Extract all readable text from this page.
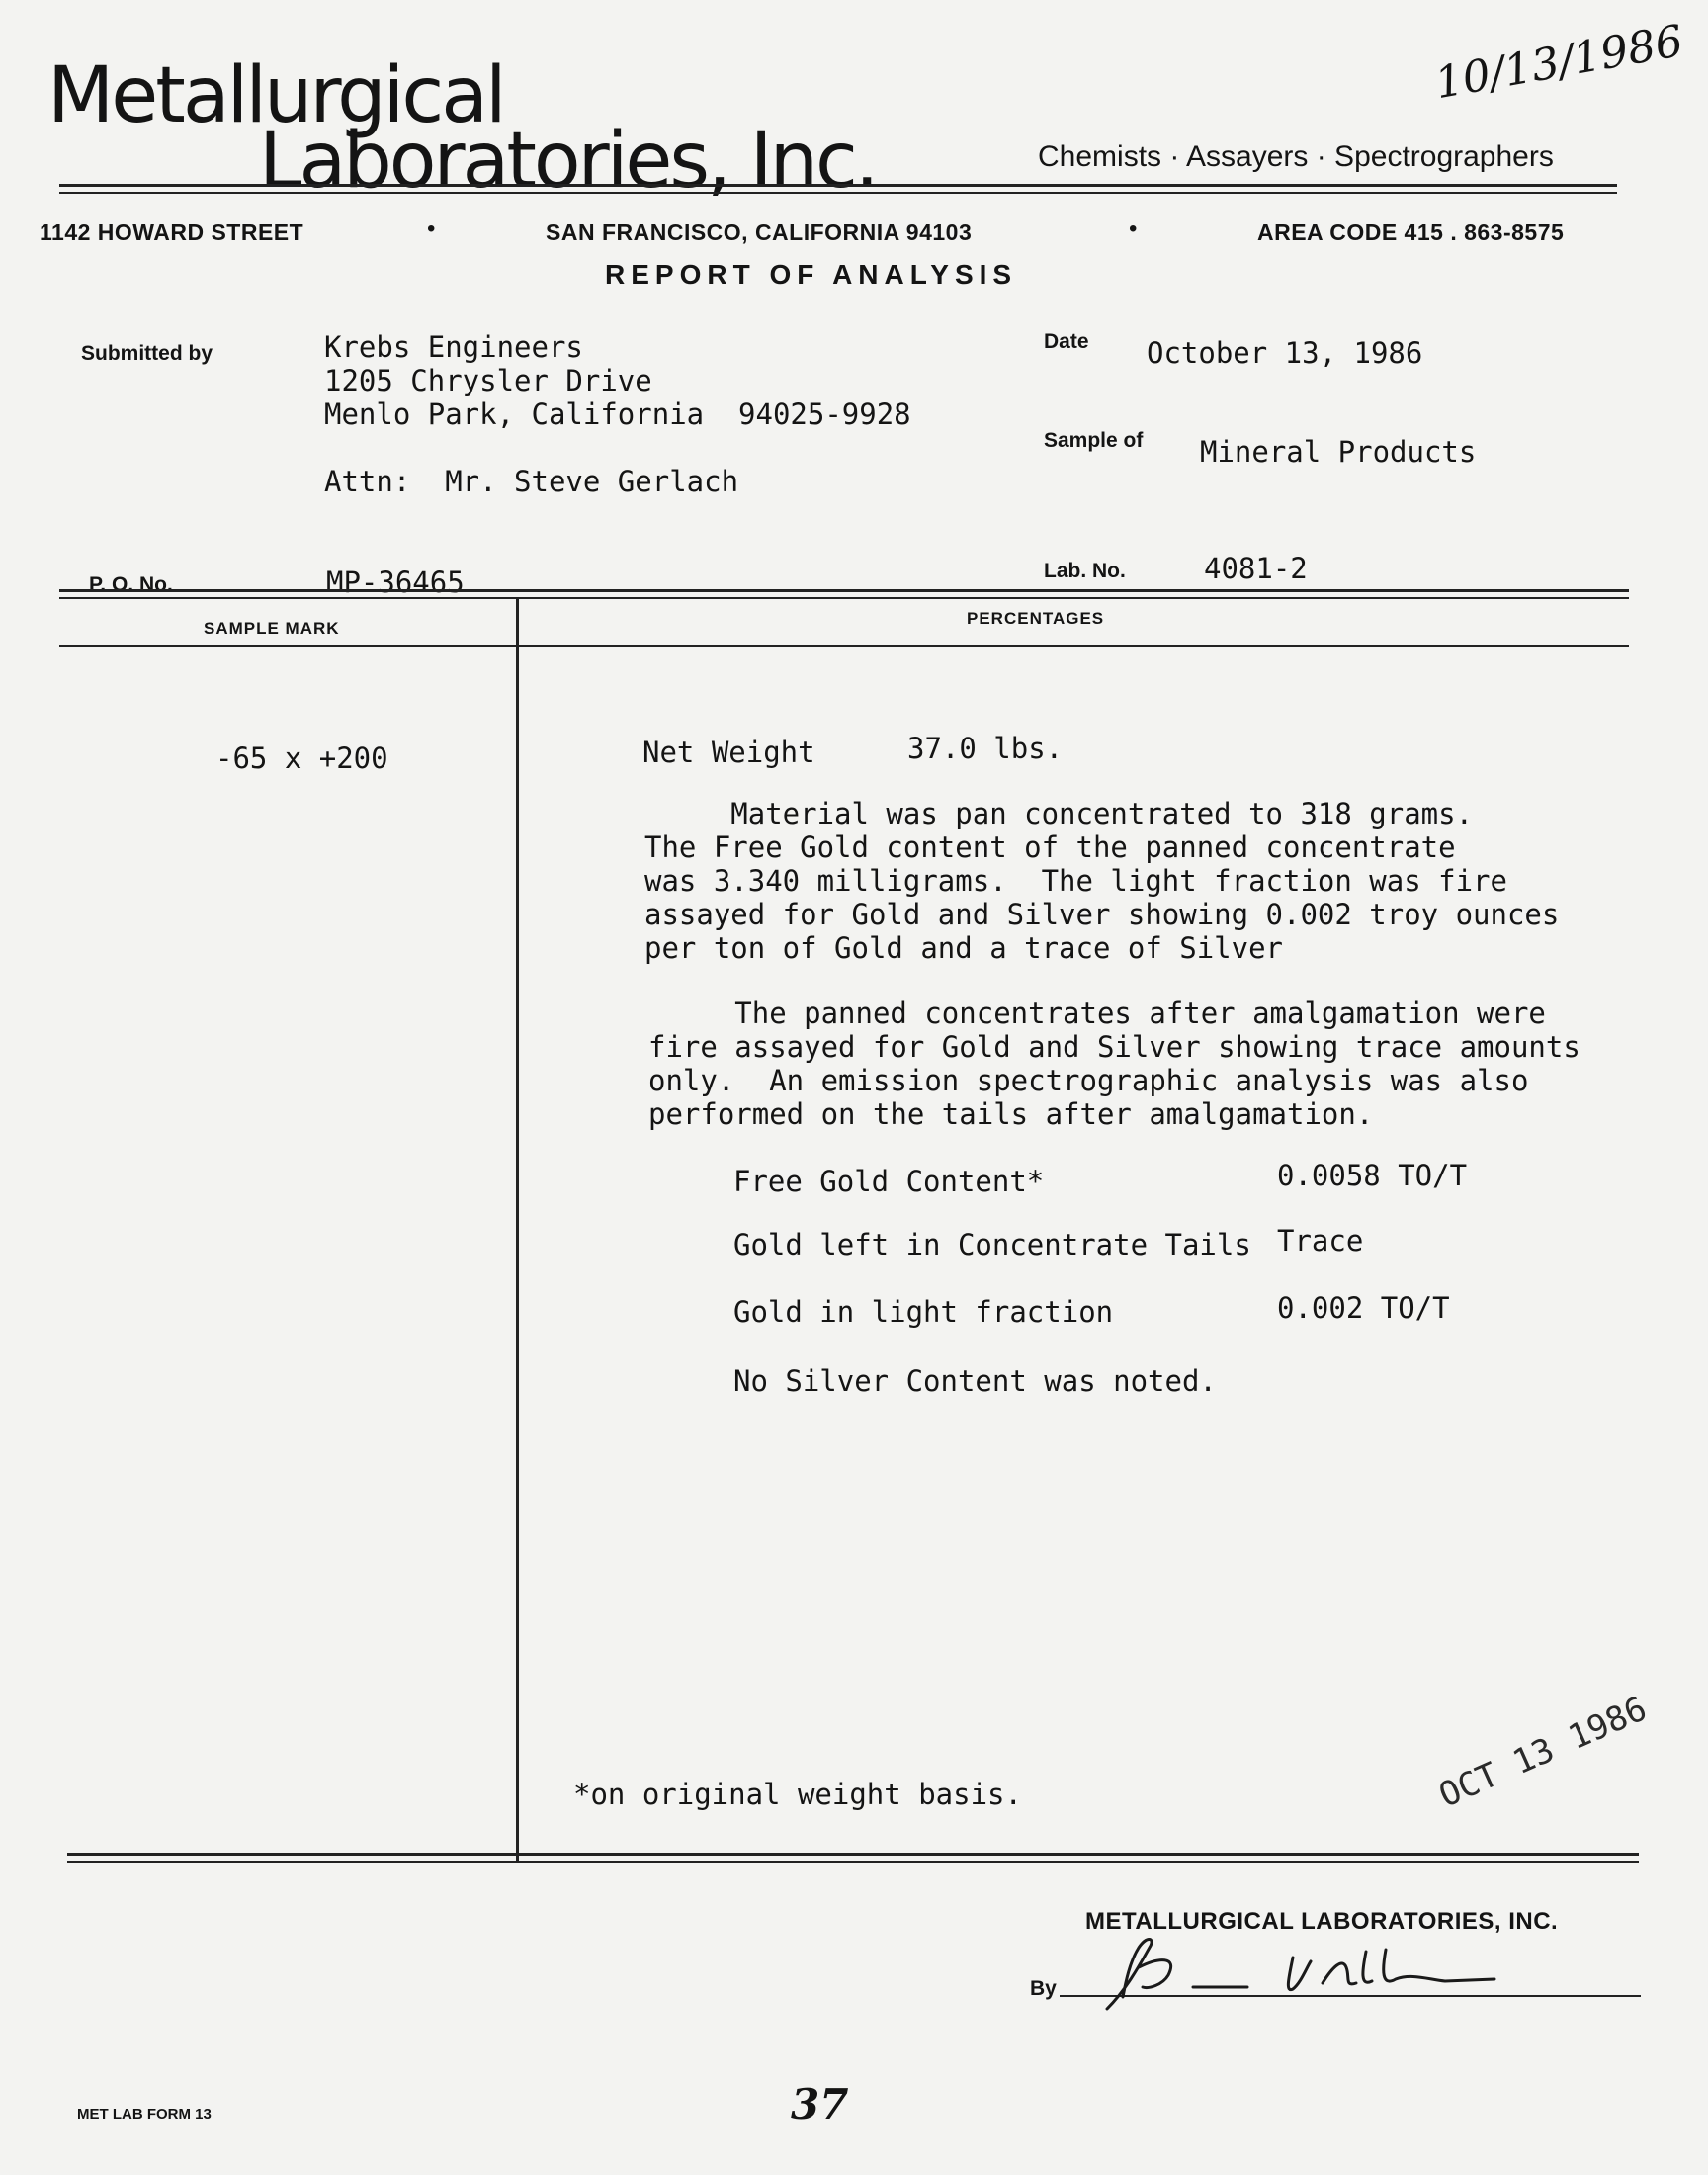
Metallurgical
Laboratories, Inc.	Chemists · Assayers · Spectrographers
10/13/1986
1142 HOWARD STREET	•	SAN FRANCISCO, CALIFORNIA 94103	•	AREA CODE 415 . 863-8575
REPORT OF ANALYSIS
Submitted by	Krebs Engineers
1205 Chrysler Drive
Menlo Park, California  94025-9928
Attn:  Mr. Steve Gerlach
Date October 13, 1986
Sample of Mineral Products
P. O. No.	MP-36465	Lab. No.	4081-2
SAMPLE MARK
PERCENTAGES
-65 x +200	Net Weight	37.0 lbs.
Material was pan concentrated to 318 grams.
The Free Gold content of the panned concentrate
was 3.340 milligrams.  The light fraction was fire
assayed for Gold and Silver showing 0.002 troy ounces
per ton of Gold and a trace of Silver
The panned concentrates after amalgamation were
fire assayed for Gold and Silver showing trace amounts
only.  An emission spectrographic analysis was also
performed on the tails after amalgamation.
Free Gold Content*	0.0058 TO/T
Gold left in Concentrate Tails Trace
Gold in light fraction	0.002 TO/T
No Silver Content was noted.
*on original weight basis.	OCT 13 1986
METALLURGICAL LABORATORIES, INC.
By
MET LAB FORM 13	37
